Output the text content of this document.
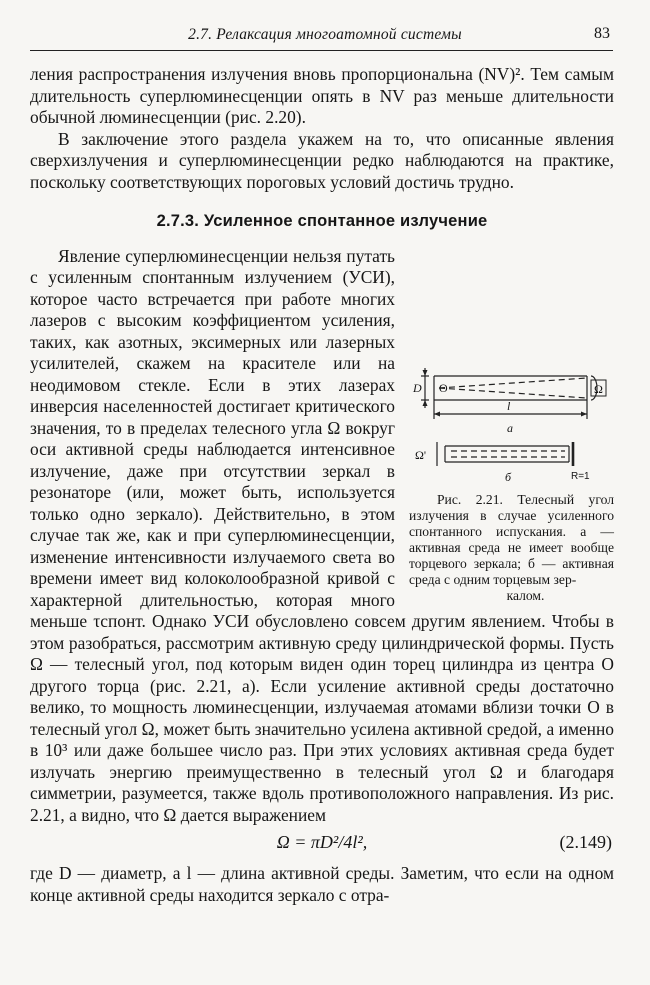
2.7. Релаксация многоатомной системы	83

ления распространения излучения вновь пропорциональна (NV)². Тем самым длительность суперлюминесценции опять в NV раз меньше длительности обычной люминесценции (рис. 2.20).

В заключение этого раздела укажем на то, что описанные явления сверхизлучения и суперлюминесценции редко наблюдаются на практике, поскольку соответствующих пороговых условий достичь трудно.

2.7.3. Усиленное спонтанное излучение

D O	Ω
l
а
Ω'
б	R=1
Рис. 2.21. Телесный угол излучения в случае усиленного спонтанного испускания. а — активная среда не имеет вообще торцевого зеркала; б — активная среда с одним торцевым зер-
калом.
Явление суперлюминесценции нельзя путать с усиленным спонтанным излучением (УСИ), которое часто встречается при работе многих лазеров с высоким коэффициентом усиления, таких, как азотных, эксимерных или лазерных усилителей, скажем на красителе или на неодимовом стекле. Если в этих лазерах инверсия населенностей достигает критического значения, то в пределах телесного угла Ω вокруг оси активной среды наблюдается интенсивное излучение, даже при отсутствии зеркал в резонаторе (или, может быть, используется только одно зеркало). Действительно, в этом случае так же, как и при суперлюминесценции, изменение интенсивности излучаемого света во времени имеет вид колоколообразной кривой с характерной длительностью, которая много меньше τспонт. Однако УСИ обусловлено совсем другим явлением. Чтобы в этом разобраться, рассмотрим активную среду цилиндрической формы. Пусть Ω — телесный угол, под которым виден один торец цилиндра из центра O другого торца (рис. 2.21, а). Если усиление активной среды достаточно велико, то мощность люминесценции, излучаемая атомами вблизи точки O в телесный угол Ω, может быть значительно усилена активной средой, а именно в 10³ или даже большее число раз. При этих условиях активная среда будет излучать энергию преимущественно в телесный угол Ω и благодаря симметрии, разумеется, также вдоль противоположного направления. Из рис. 2.21, а видно, что Ω дается выражением

Ω = πD²/4l²,	(2.149)

где D — диаметр, а l — длина активной среды. Заметим, что если на одном конце активной среды находится зеркало с отра-
